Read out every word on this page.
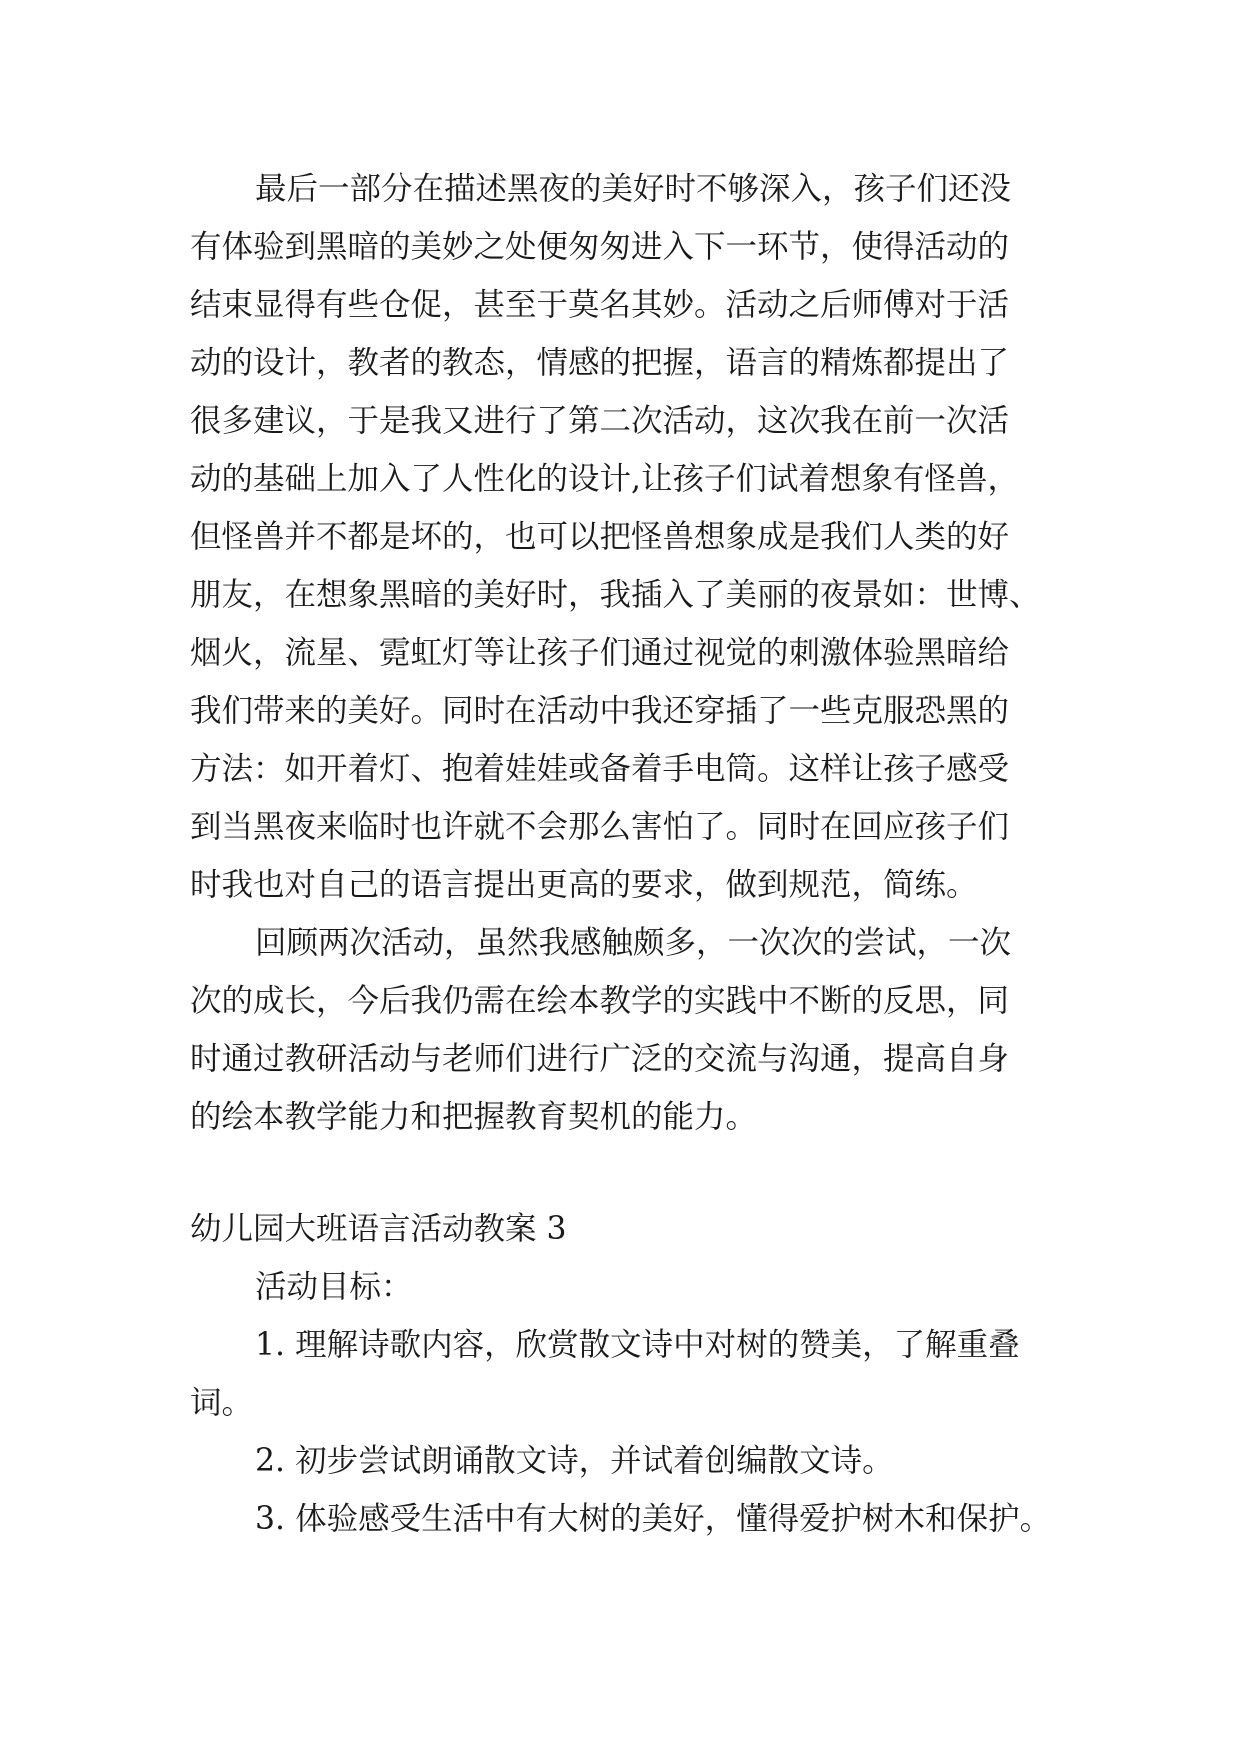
最后一部分在描述黑夜的美好时不够深入，孩子们还没
有体验到黑暗的美妙之处便匆匆进入下一环节，使得活动的
结束显得有些仓促，甚至于莫名其妙。活动之后师傅对于活
动的设计，教者的教态，情感的把握，语言的精炼都提出了
很多建议，于是我又进行了第二次活动，这次我在前一次活
动的基础上加入了人性化的设计,让孩子们试着想象有怪兽，
但怪兽并不都是坏的，也可以把怪兽想象成是我们人类的好
朋友，在想象黑暗的美好时，我插入了美丽的夜景如：世博、
烟火，流星、霓虹灯等让孩子们通过视觉的刺激体验黑暗给
我们带来的美好。同时在活动中我还穿插了一些克服恐黑的
方法：如开着灯、抱着娃娃或备着手电筒。这样让孩子感受
到当黑夜来临时也许就不会那么害怕了。同时在回应孩子们
时我也对自己的语言提出更高的要求，做到规范，简练。
回顾两次活动，虽然我感触颇多，一次次的尝试，一次
次的成长，今后我仍需在绘本教学的实践中不断的反思，同
时通过教研活动与老师们进行广泛的交流与沟通，提高自身
的绘本教学能力和把握教育契机的能力。
幼儿园大班语言活动教案 3
活动目标：
1. 理解诗歌内容，欣赏散文诗中对树的赞美，了解重叠
词。
2. 初步尝试朗诵散文诗，并试着创编散文诗。
3. 体验感受生活中有大树的美好，懂得爱护树木和保护。
